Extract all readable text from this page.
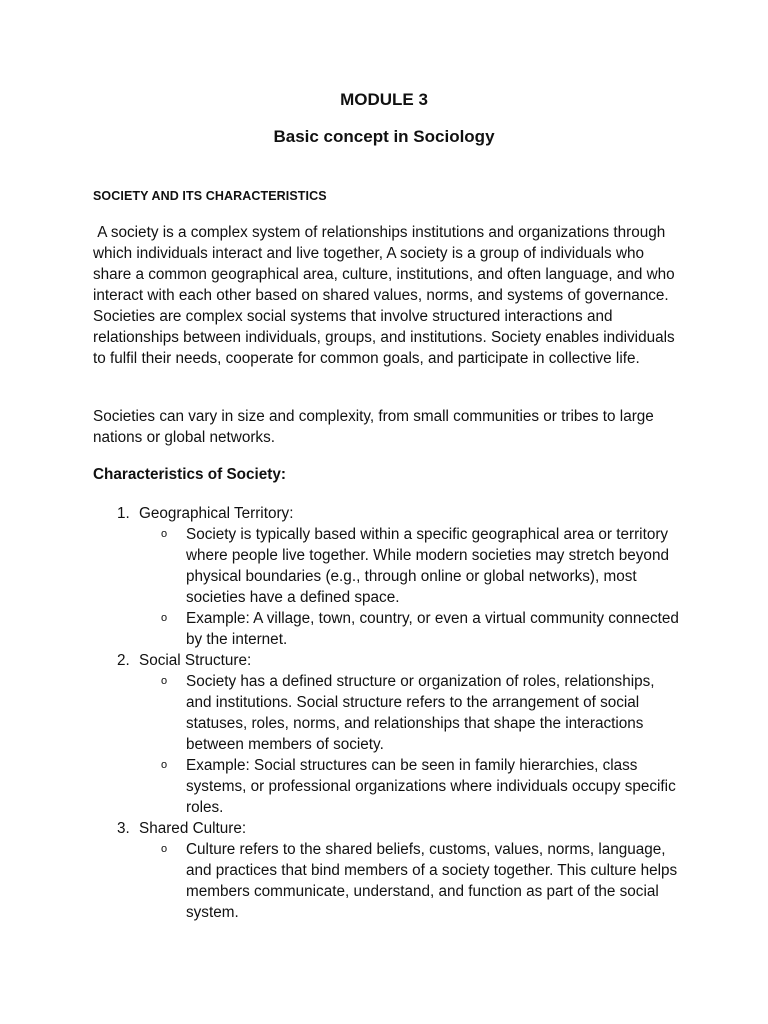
MODULE 3
Basic concept in Sociology
SOCIETY AND ITS CHARACTERISTICS

A society is a complex system of relationships institutions and organizations through which individuals interact and live together, A society is a group of individuals who share a common geographical area, culture, institutions, and often language, and who interact with each other based on shared values, norms, and systems of governance. Societies are complex social systems that involve structured interactions and relationships between individuals, groups, and institutions. Society enables individuals to fulfil their needs, cooperate for common goals, and participate in collective life.

Societies can vary in size and complexity, from small communities or tribes to large nations or global networks.

Characteristics of Society:
1. Geographical Territory:
o Society is typically based within a specific geographical area or territory where people live together. While modern societies may stretch beyond physical boundaries (e.g., through online or global networks), most societies have a defined space.
o Example: A village, town, country, or even a virtual community connected by the internet.
2. Social Structure:
o Society has a defined structure or organization of roles, relationships, and institutions. Social structure refers to the arrangement of social statuses, roles, norms, and relationships that shape the interactions between members of society.
o Example: Social structures can be seen in family hierarchies, class systems, or professional organizations where individuals occupy specific roles.
3. Shared Culture:
o Culture refers to the shared beliefs, customs, values, norms, language, and practices that bind members of a society together. This culture helps members communicate, understand, and function as part of the social system.
